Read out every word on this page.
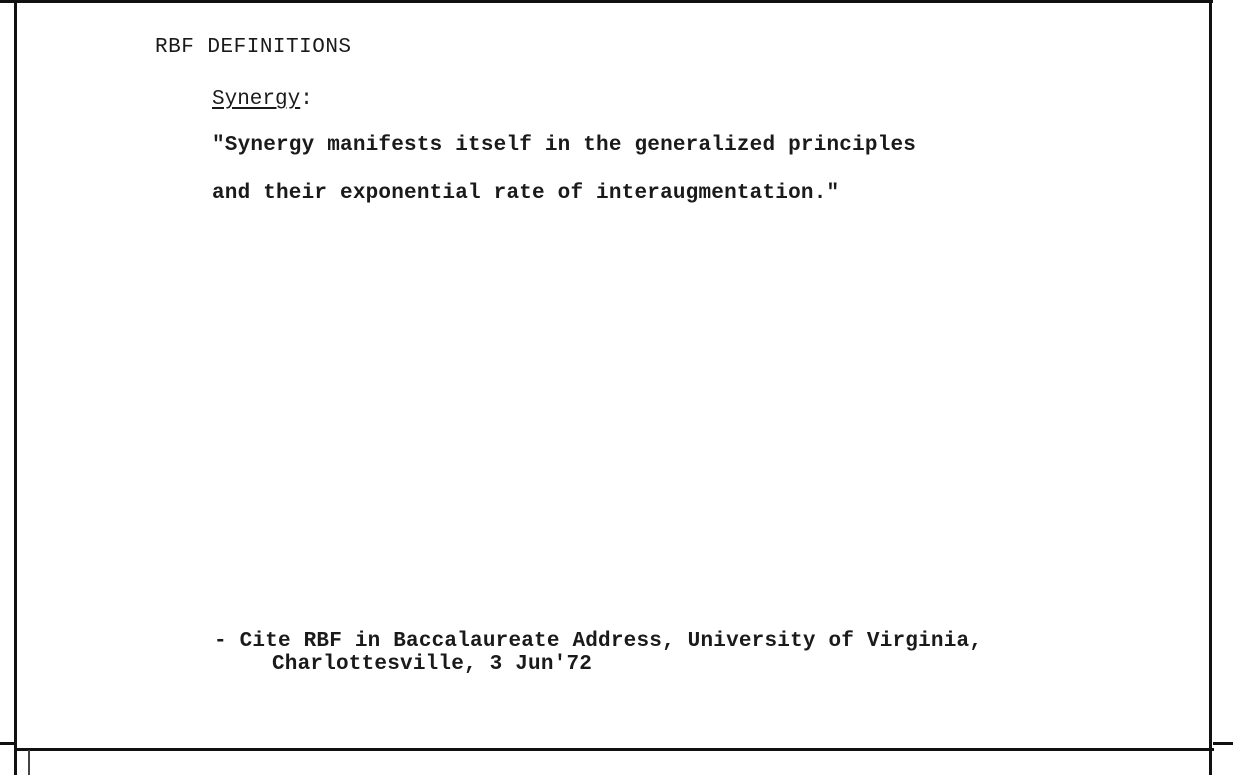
RBF DEFINITIONS
Synergy:
"Synergy manifests itself in the generalized principles
and their exponential rate of interaugmentation."
- Cite RBF in Baccalaureate Address, University of Virginia,
Charlottesville, 3 Jun'72
